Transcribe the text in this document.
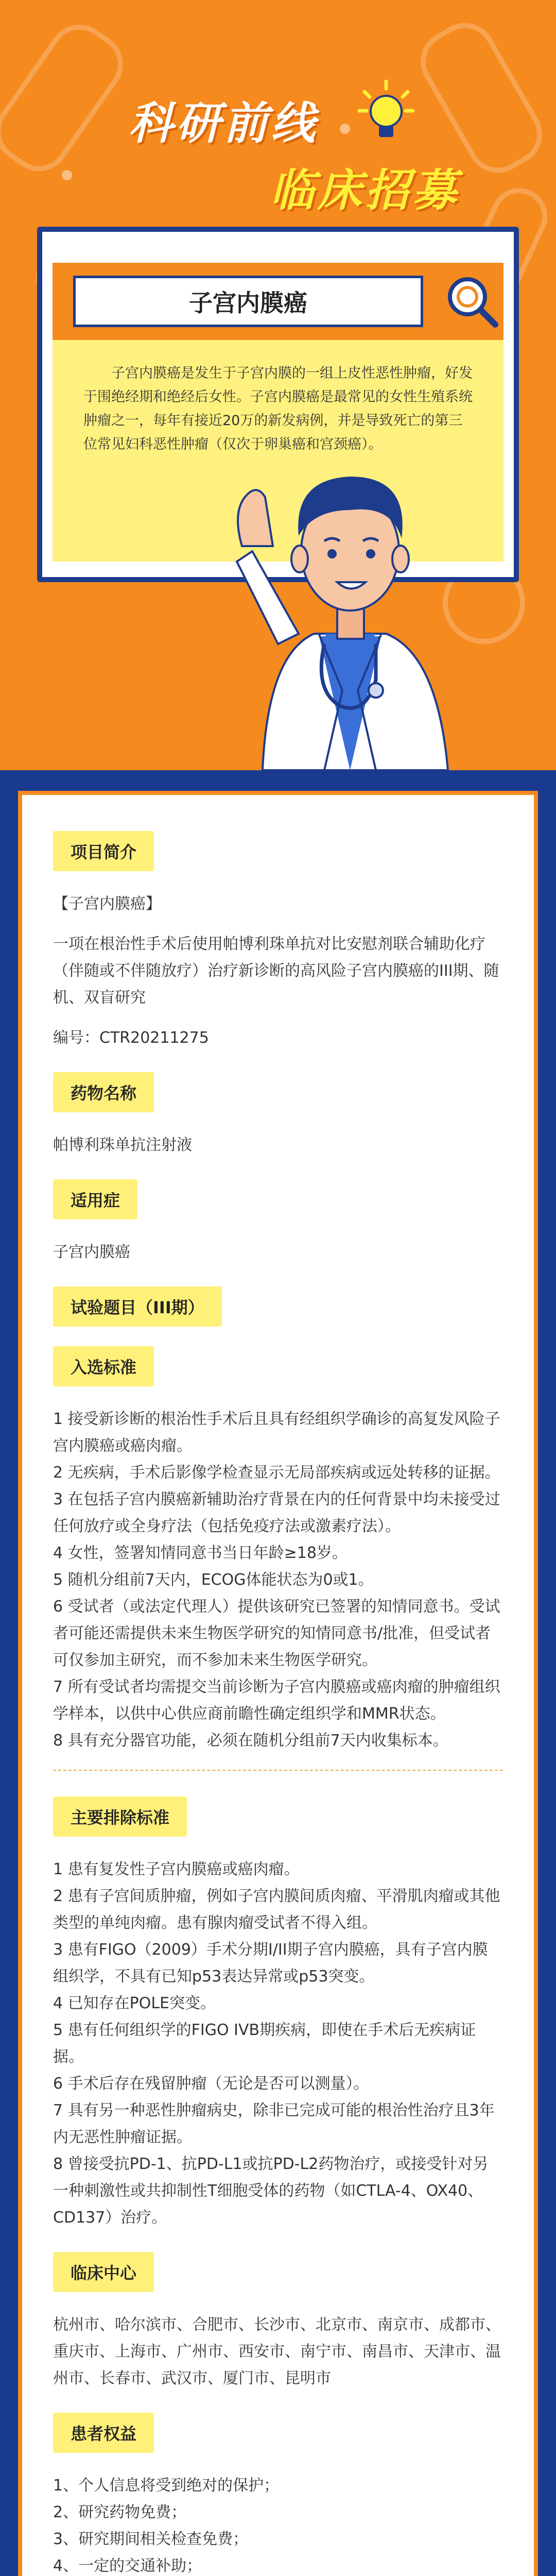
科研前线
临床招募
子宫内膜癌

子宫内膜癌是发生于子宫内膜的一组上皮性恶性肿瘤，好发于围绝经期和绝经后女性。子宫内膜癌是最常见的女性生殖系统肿瘤之一，每年有接近20万的新发病例，并是导致死亡的第三位常见妇科恶性肿瘤（仅次于卵巢癌和宫颈癌）。

项目简介

【子宫内膜癌】

一项在根治性手术后使用帕博利珠单抗对比安慰剂联合辅助化疗（伴随或不伴随放疗）治疗新诊断的高风险子宫内膜癌的III期、随机、双盲研究

编号：CTR20211275

药物名称

帕博利珠单抗注射液

适用症

子宫内膜癌

试验题目（III期）
入选标准

1 接受新诊断的根治性手术后且具有经组织学确诊的高复发风险子宫内膜癌或癌肉瘤。

2 无疾病，手术后影像学检查显示无局部疾病或远处转移的证据。

3 在包括子宫内膜癌新辅助治疗背景在内的任何背景中均未接受过任何放疗或全身疗法（包括免疫疗法或激素疗法）。

4 女性，签署知情同意书当日年龄≥18岁。

5 随机分组前7天内，ECOG体能状态为0或1。

6 受试者（或法定代理人）提供该研究已签署的知情同意书。受试者可能还需提供未来生物医学研究的知情同意书/批准，但受试者可仅参加主研究，而不参加未来生物医学研究。

7 所有受试者均需提交当前诊断为子宫内膜癌或癌肉瘤的肿瘤组织学样本，以供中心供应商前瞻性确定组织学和MMR状态。

8 具有充分器官功能，必须在随机分组前7天内收集标本。

主要排除标准

1 患有复发性子宫内膜癌或癌肉瘤。

2 患有子宫间质肿瘤，例如子宫内膜间质肉瘤、平滑肌肉瘤或其他类型的单纯肉瘤。患有腺肉瘤受试者不得入组。

3 患有FIGO（2009）手术分期I/II期子宫内膜癌，具有子宫内膜组织学，不具有已知p53表达异常或p53突变。

4 已知存在POLE突变。

5 患有任何组织学的FIGO IVB期疾病，即使在手术后无疾病证据。

6 手术后存在残留肿瘤（无论是否可以测量）。

7 具有另一种恶性肿瘤病史，除非已完成可能的根治性治疗且3年内无恶性肿瘤证据。

8 曾接受抗PD-1、抗PD-L1或抗PD-L2药物治疗，或接受针对另一种刺激性或共抑制性T细胞受体的药物（如CTLA-4、OX40、CD137）治疗。

临床中心

杭州市、哈尔滨市、合肥市、长沙市、北京市、南京市、成都市、重庆市、上海市、广州市、西安市、南宁市、南昌市、天津市、温州市、长春市、武汉市、厦门市、昆明市

患者权益

1、个人信息将受到绝对的保护；

2、研究药物免费；

3、研究期间相关检查免费；

4、一定的交通补助；
